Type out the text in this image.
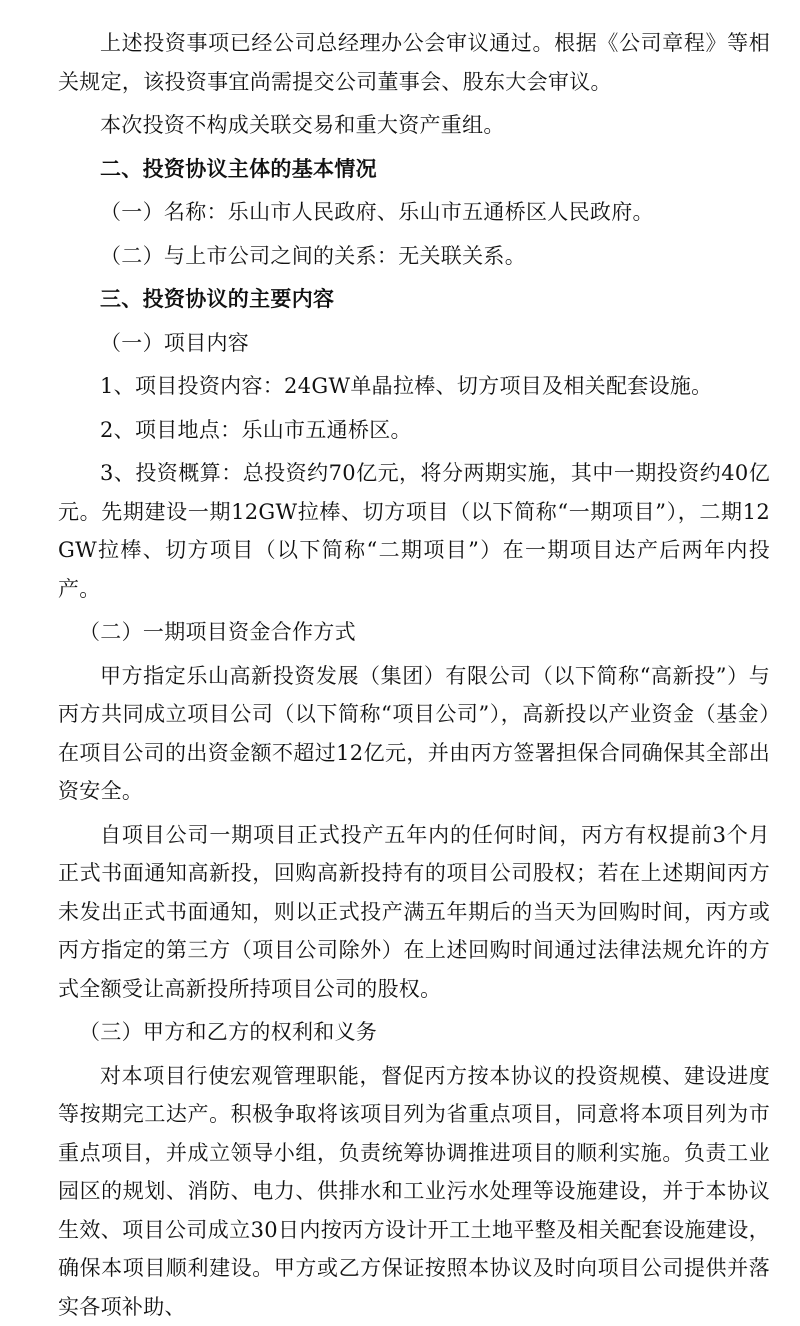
上述投资事项已经公司总经理办公会审议通过。根据《公司章程》等相关规定，该投资事宜尚需提交公司董事会、股东大会审议。

本次投资不构成关联交易和重大资产重组。

二、投资协议主体的基本情况

（一）名称：乐山市人民政府、乐山市五通桥区人民政府。

（二）与上市公司之间的关系：无关联关系。

三、投资协议的主要内容

（一）项目内容

1、项目投资内容：24GW单晶拉棒、切方项目及相关配套设施。

2、项目地点：乐山市五通桥区。

3、投资概算：总投资约70亿元，将分两期实施，其中一期投资约40亿元。先期建设一期12GW拉棒、切方项目（以下简称“一期项目”），二期12GW拉棒、切方项目（以下简称“二期项目”）在一期项目达产后两年内投产。

（二）一期项目资金合作方式

甲方指定乐山高新投资发展（集团）有限公司（以下简称“高新投”）与丙方共同成立项目公司（以下简称“项目公司”），高新投以产业资金（基金）在项目公司的出资金额不超过12亿元，并由丙方签署担保合同确保其全部出资安全。

自项目公司一期项目正式投产五年内的任何时间，丙方有权提前3个月正式书面通知高新投，回购高新投持有的项目公司股权；若在上述期间丙方未发出正式书面通知，则以正式投产满五年期后的当天为回购时间，丙方或丙方指定的第三方（项目公司除外）在上述回购时间通过法律法规允许的方式全额受让高新投所持项目公司的股权。

（三）甲方和乙方的权利和义务

对本项目行使宏观管理职能，督促丙方按本协议的投资规模、建设进度等按期完工达产。积极争取将该项目列为省重点项目，同意将本项目列为市重点项目，并成立领导小组，负责统筹协调推进项目的顺利实施。负责工业园区的规划、消防、电力、供排水和工业污水处理等设施建设，并于本协议生效、项目公司成立30日内按丙方设计开工土地平整及相关配套设施建设，确保本项目顺利建设。甲方或乙方保证按照本协议及时向项目公司提供并落实各项补助、
